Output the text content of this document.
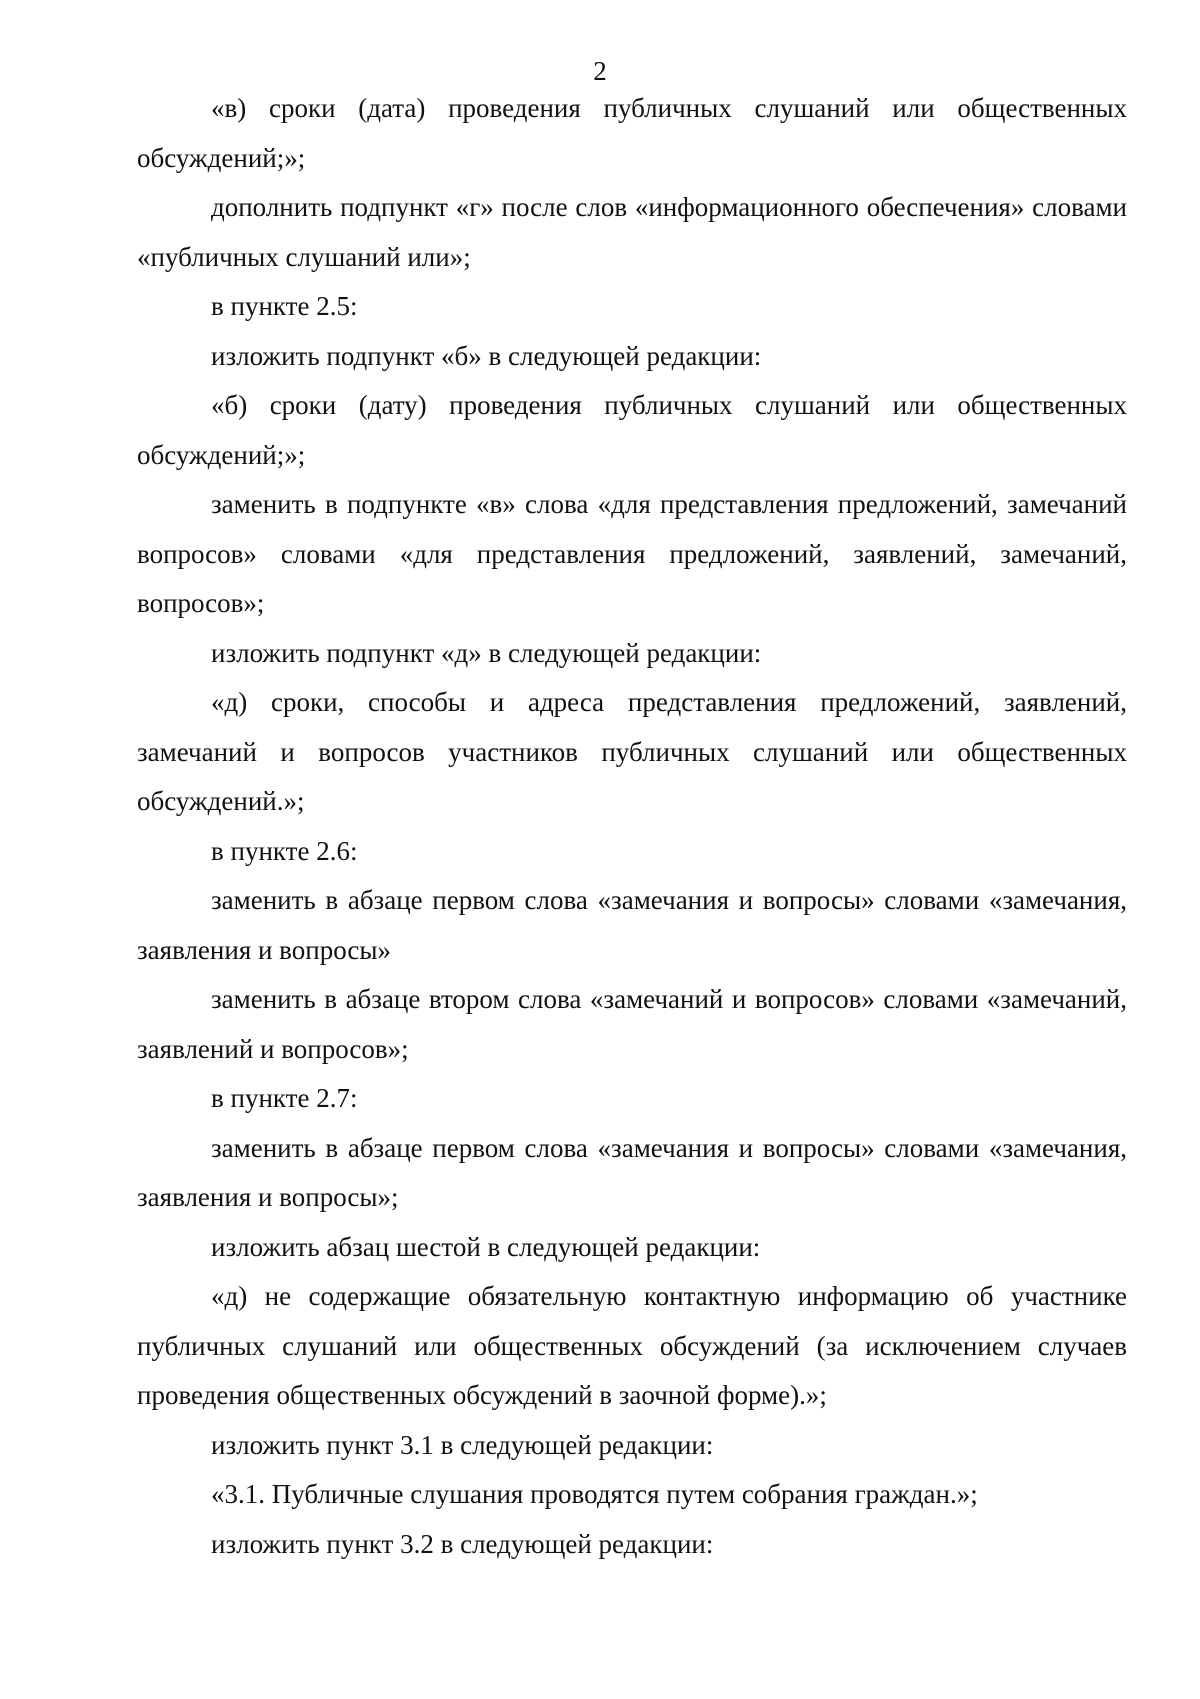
2

«в) сроки (дата) проведения публичных слушаний или общественных обсуждений;»;

дополнить подпункт «г» после слов «информационного обеспечения» словами «публичных слушаний или»;

в пункте 2.5:

изложить подпункт «б» в следующей редакции:

«б) сроки (дату) проведения публичных слушаний или общественных обсуждений;»;

заменить в подпункте «в» слова «для представления предложений, замечаний вопросов» словами «для представления предложений, заявлений, замечаний, вопросов»;

изложить подпункт «д» в следующей редакции:

«д) сроки, способы и адреса представления предложений, заявлений, замечаний и вопросов участников публичных слушаний или общественных обсуждений.»;

в пункте 2.6:

заменить в абзаце первом слова «замечания и вопросы» словами «замечания, заявления и вопросы»

заменить в абзаце втором слова «замечаний и вопросов» словами «замечаний, заявлений и вопросов»;

в пункте 2.7:

заменить в абзаце первом слова «замечания и вопросы» словами «замечания, заявления и вопросы»;

изложить абзац шестой в следующей редакции:

«д) не содержащие обязательную контактную информацию об участнике публичных слушаний или общественных обсуждений (за исключением случаев проведения общественных обсуждений в заочной форме).»;

изложить пункт 3.1 в следующей редакции:

«3.1. Публичные слушания проводятся путем собрания граждан.»;

изложить пункт 3.2 в следующей редакции:
